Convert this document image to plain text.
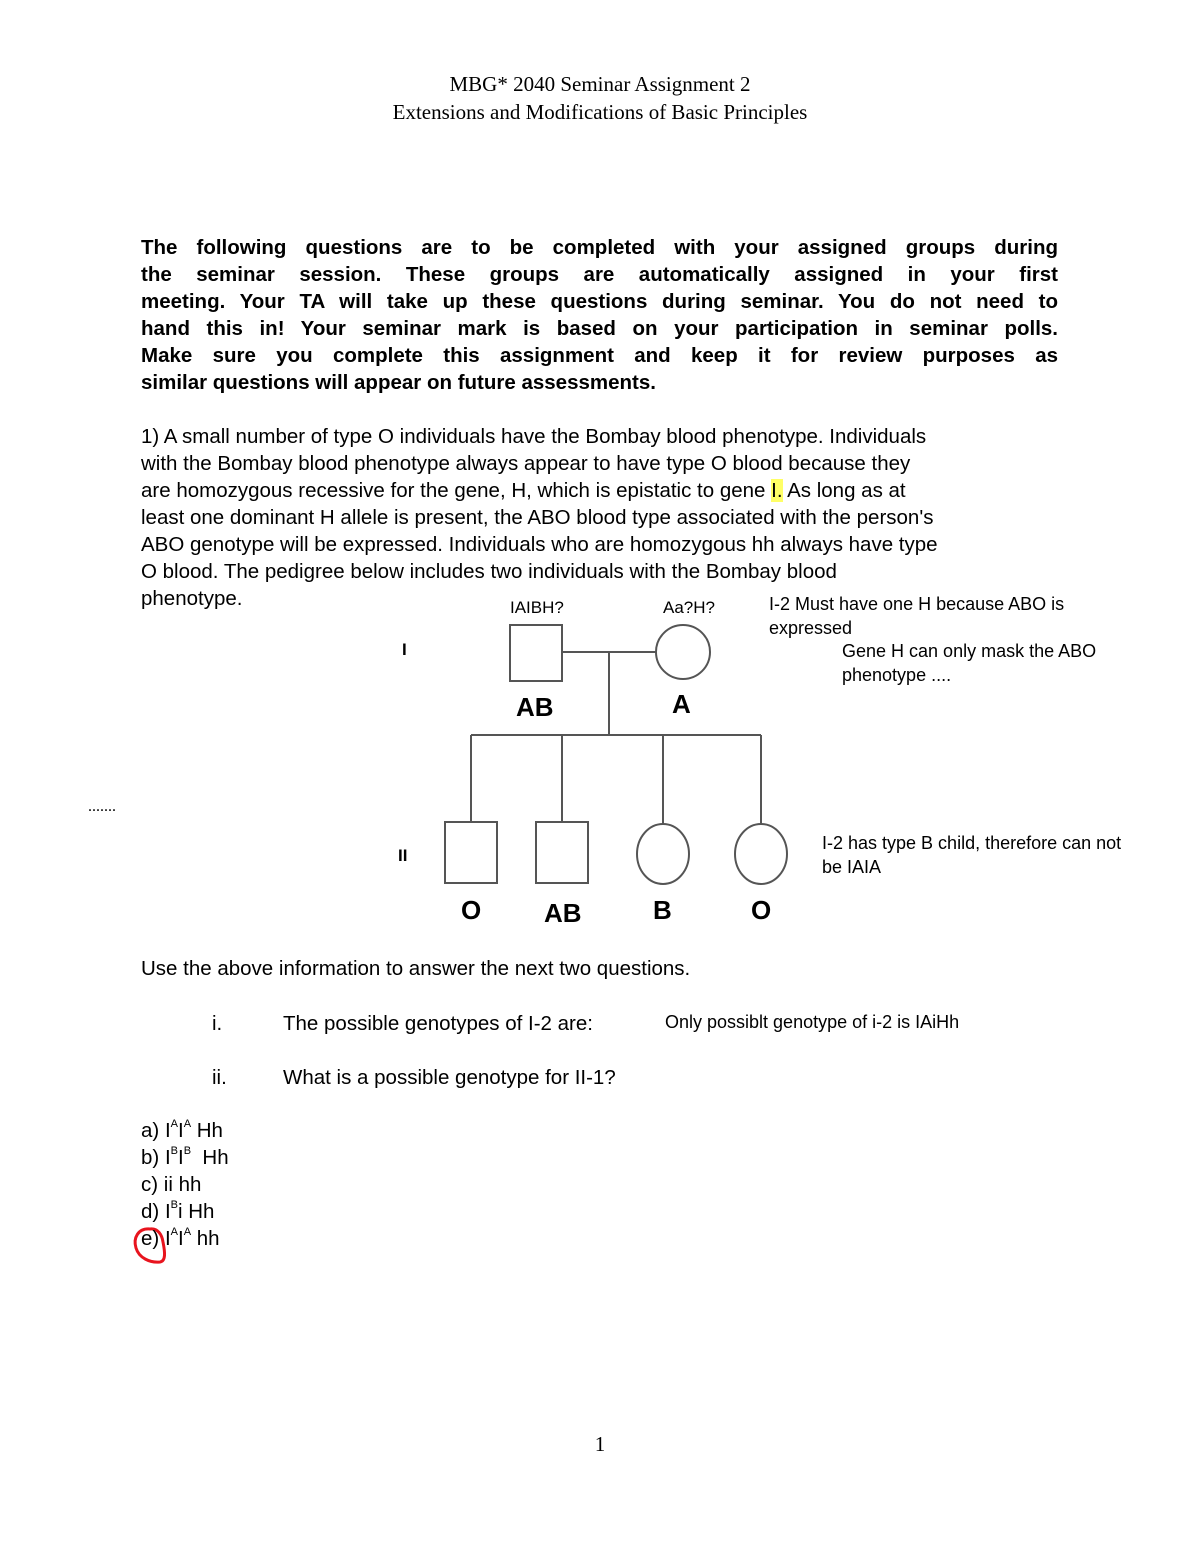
MBG* 2040 Seminar Assignment 2
Extensions and Modifications of Basic Principles

The following questions are to be completed with your assigned groups during

the seminar session. These groups are automatically assigned in your first

meeting. Your TA will take up these questions during seminar. You do not need to

hand this in! Your seminar mark is based on your participation in seminar polls.

Make sure you complete this assignment and keep it for review purposes as

similar questions will appear on future assessments.

1) A small number of type O individuals have the Bombay blood phenotype. Individuals
with the Bombay blood phenotype always appear to have type O blood because they
are homozygous recessive for the gene, H, which is epistatic to gene I. As long as at
least one dominant H allele is present, the ABO blood type associated with the person's
ABO genotype will be expressed. Individuals who are homozygous hh always have type
O blood. The pedigree below includes two individuals with the Bombay blood
phenotype.
I
II
IAIBH?	Aa?H?
AB	A
O AB	B	O
I-2 Must have one H because ABO is
expressed
Gene H can only mask the ABO
phenotype ....
I-2 has type B child, therefore can not
be IAIA
.......
Use the above information to answer the next two questions.
i.	The possible genotypes of I-2 are:	Only possiblt genotype of i-2 is IAiHh
ii.	What is a possible genotype for II-1?
a) $I^AI^A$ Hh
b) $I^BI^B$  Hh
c) ii hh
d) $I^Bi$ Hh
e) $I^AI^A$ hh
1
